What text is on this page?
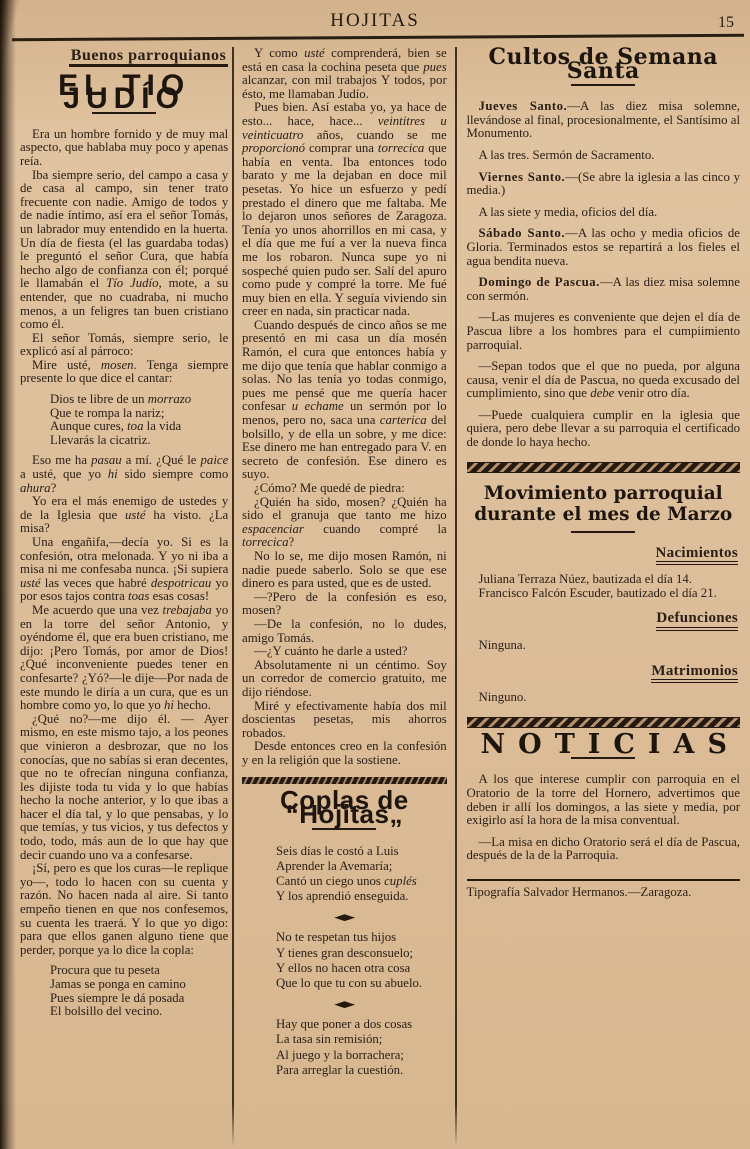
HOJITAS	15
Buenos parroquianos

EL TIO JUDÍO

Era un hombre fornido y de muy mal aspecto, que hablaba muy poco y apenas reía.

Iba siempre serio, del campo a casa y de casa al campo, sin tener trato frecuente con nadie. Amigo de todos y de nadie íntimo, así era el señor Tomás, un labrador muy entendido en la huerta. Un día de fiesta (el las guardaba todas) le preguntó el señor Cura, que había hecho algo de confianza con él; porqué le llamabán el Tío Judío, mote, a su entender, que no cuadraba, ni mucho menos, a un feligres tan buen cristiano como él.

El señor Tomás, siempre serio, le explicó así al párroco:

Mire usté, mosen. Tenga siempre presente lo que dice el cantar:

Dios te libre de un morrazo

Que te rompa la nariz;

Aunque cures, toa la vida

Llevarás la cicatriz.

Eso me ha pasau a mí. ¿Qué le paice a usté, que yo hi sido siempre como ahura?

Yo era el más enemigo de ustedes y de la Iglesia que usté ha visto. ¿La misa?

Una engañifa,—decía yo. Si es la confesión, otra melonada. Y yo ni iba a misa ni me confesaba nunca. ¡Si supiera usté las veces que habré despotricau yo por esos tajos contra toas esas cosas!

Me acuerdo que una vez trebajaba yo en la torre del señor Antonio, y oyéndome él, que era buen cristiano, me dijo: ¡Pero Tomás, por amor de Dios! ¿Qué inconveniente puedes tener en confesarte? ¿Yó?—le dije—Por nada de este mundo le diría a un cura, que es un hombre como yo, lo que yo hi hecho.

¿Qué no?—me dijo él. — Ayer mismo, en este mismo tajo, a los peones que vinieron a desbrozar, que no los conocías, que no sabías si eran decentes, que no te ofrecían ninguna confianza, les dijiste toda tu vida y lo que habías hecho la noche anterior, y lo que ibas a hacer el día tal, y lo que pensabas, y lo que temías, y tus vicios, y tus defectos y todo, todo, más aun de lo que hay que decir cuando uno va a confesarse.

¡Sí, pero es que los curas—le replique yo—, todo lo hacen con su cuenta y razón. No hacen nada al aire. Si tanto empeño tienen en que nos confesemos, su cuenta les traerá. Y lo que yo digo: para que ellos ganen alguno tiene que perder, porque ya lo dice la copla:

Procura que tu peseta

Jamas se ponga en camino

Pues siempre le dá posada

El bolsillo del vecino.

Y como usté comprenderá, bien se está en casa la cochina peseta que pues alcanzar, con mil trabajos Y todos, por ésto, me llamaban Judío.

Pues bien. Así estaba yo, ya hace de esto... hace, hace... veintitres u veinticuatro años, cuando se me proporcionó comprar una torrecica que había en venta. Iba entonces todo barato y me la dejaban en doce mil pesetas. Yo hice un esfuerzo y pedí prestado el dinero que me faltaba. Me lo dejaron unos señores de Zaragoza. Tenía yo unos ahorrillos en mi casa, y el día que me fuí a ver la nueva finca me los robaron. Nunca supe yo ni sospeché quien pudo ser. Salí del apuro como pude y compré la torre. Me fué muy bien en ella. Y seguía viviendo sin creer en nada, sin practicar nada.

Cuando después de cinco años se me presentó en mi casa un día mosén Ramón, el cura que entonces había y me dijo que tenía que hablar conmigo a solas. No las tenía yo todas conmigo, pues me pensé que me quería hacer confesar u echame un sermón por lo menos, pero no, saca una carterica del bolsillo, y de ella un sobre, y me dice: Ese dinero me han entregado para V. en secreto de confesión. Ese dinero es suyo.

¿Cómo? Me quedé de piedra:

¿Quién ha sido, mosen? ¿Quién ha sido el granuja que tanto me hizo espacenciar cuando compré la torrecica?

No lo se, me dijo mosen Ramón, ni nadie puede saberlo. Solo se que ese dinero es para usted, que es de usted.

—?Pero de la confesión es eso, mosen?

—De la confesión, no lo dudes, amigo Tomás.

—¿Y cuánto he darle a usted?

Absolutamente ni un céntimo. Soy un corredor de comercio gratuito, me dijo riéndose.

Miré y efectivamente había dos mil doscientas pesetas, mis ahorros robados.

Desde entonces creo en la confesión y en la religión que la sostiene.

Coplas de “Hojitas„

Seis días le costó a Luis

Aprender la Avemaría;

Cantó un ciego unos cuplés

Y los aprendió enseguida.

◆

No te respetan tus hijos

Y tienes gran desconsuelo;

Y ellos no hacen otra cosa

Que lo que tu con su abuelo.

◆

Hay que poner a dos cosas

La tasa sin remisión;

Al juego y la borrachera;

Para arreglar la cuestión.

Cultos de Semana Santa

Jueves Santo.—A las diez misa solemne, llevándose al final, procesionalmente, el Santísimo al Monumento.

A las tres. Sermón de Sacramento.

Viernes Santo.—(Se abre la iglesia a las cinco y media.)

A las siete y media, oficios del día.

Sábado Santo.—A las ocho y media oficios de Gloria. Terminados estos se repartirá a los fieles el agua bendita nueva.

Domingo de Pascua.—A las diez misa solemne con sermón.

—Las mujeres es conveniente que dejen el día de Pascua libre a los hombres para el cumpiimiento parroquial.

—Sepan todos que el que no pueda, por alguna causa, venir el día de Pascua, no queda excusado del cumplimiento, sino que debe venir otro día.

—Puede cualquiera cumplir en la iglesia que quiera, pero debe llevar a su parroquia el certificado de donde lo haya hecho.

Movimiento parroquial durante el mes de Marzo

Nacimientos

Juliana Terraza Núez, bautizada el día 14.

Francisco Falcón Escuder, bautizado el día 21.

Defunciones

Ninguna.

Matrimonios

Ninguno.

NOTICIAS

A los que interese cumplir con parroquia en el Oratorio de la torre del Hornero, advertimos que deben ir allí los domingos, a las siete y media, por exigirlo así la hora de la misa conventual.

—La misa en dicho Oratorio será el día de Pascua, después de la de la Parroquia.

Tipografía Salvador Hermanos.—Zaragoza.
